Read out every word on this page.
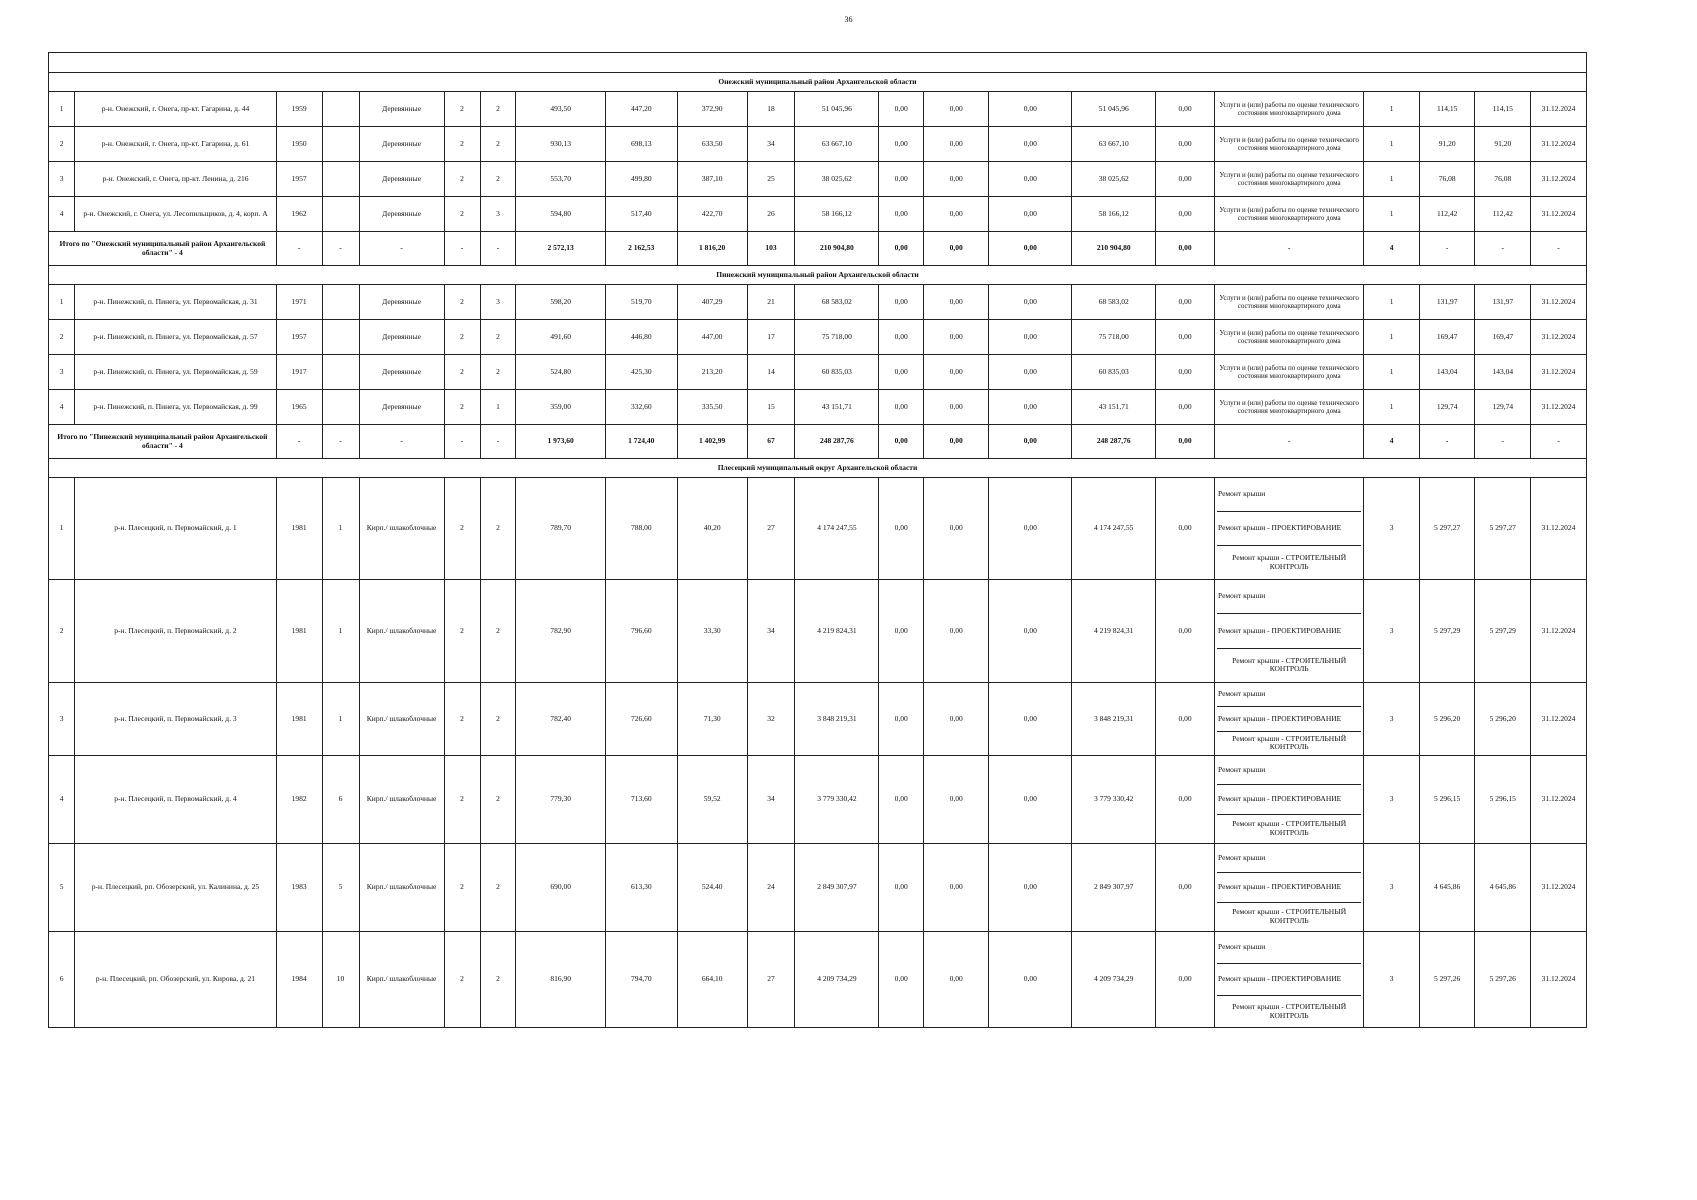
36

Онежский муниципальный район Архангельской области																					
1	р-н. Онежский, г. Онега, пр-кт. Гагарина, д. 44	1959		Деревянные	2	2	493,50	447,20	372,90	18	51 045,96	0,00	0,00	0,00	51 045,96	0,00	Услуги и (или) работы по оценке технического состояния многоквартирного дома	1	114,15	114,15	31.12.2024
2	р-н. Онежский, г. Онега, пр-кт. Гагарина, д. 61	1950		Деревянные	2	2	930,13	698,13	633,50	34	63 667,10	0,00	0,00	0,00	63 667,10	0,00	Услуги и (или) работы по оценке технического состояния многоквартирного дома	1	91,20	91,20	31.12.2024
3	р-н. Онежский, г. Онега, пр-кт. Ленина, д. 216	1957		Деревянные	2	2	553,70	499,80	387,10	25	38 025,62	0,00	0,00	0,00	38 025,62	0,00	Услуги и (или) работы по оценке технического состояния многоквартирного дома	1	76,08	76,08	31.12.2024
4	р-н. Онежский, г. Онега, ул. Лесопильщиков, д. 4, корп. А	1962		Деревянные	2	3	594,80	517,40	422,70	26	58 166,12	0,00	0,00	0,00	58 166,12	0,00	Услуги и (или) работы по оценке технического состояния многоквартирного дома	1	112,42	112,42	31.12.2024
Итого по "Онежский муниципальный район Архангельской области" - 4		-	-	-	-	-	2 572,13	2 162,53	1 816,20	103	210 904,80	0,00	0,00	0,00	210 904,80	0,00	-	4	-	-	-
Пинежский муниципальный район Архангельской области																					
1	р-н. Пинежский, п. Пинега, ул. Первомайская, д. 31	1971		Деревянные	2	3	598,20	519,70	407,29	21	68 583,02	0,00	0,00	0,00	68 583,02	0,00	Услуги и (или) работы по оценке технического состояния многоквартирного дома	1	131,97	131,97	31.12.2024
2	р-н. Пинежский, п. Пинега, ул. Первомайская, д. 57	1957		Деревянные	2	2	491,60	446,80	447,00	17	75 718,00	0,00	0,00	0,00	75 718,00	0,00	Услуги и (или) работы по оценке технического состояния многоквартирного дома	1	169,47	169,47	31.12.2024
3	р-н. Пинежский, п. Пинега, ул. Первомайская, д. 59	1917		Деревянные	2	2	524,80	425,30	213,20	14	60 835,03	0,00	0,00	0,00	60 835,03	0,00	Услуги и (или) работы по оценке технического состояния многоквартирного дома	1	143,04	143,04	31.12.2024
4	р-н. Пинежский, п. Пинега, ул. Первомайская, д. 99	1965		Деревянные	2	1	359,00	332,60	335,50	15	43 151,71	0,00	0,00	0,00	43 151,71	0,00	Услуги и (или) работы по оценке технического состояния многоквартирного дома	1	129,74	129,74	31.12.2024
Итого по "Пинежский муниципальный район Архангельской области" - 4		-	-	-	-	-	1 973,60	1 724,40	1 402,99	67	248 287,76	0,00	0,00	0,00	248 287,76	0,00	-	4	-	-	-
Плесецкий муниципальный округ Архангельской области																					
1	р-н. Плесецкий, п. Первомайский, д. 1	1981	1	Кирп./ шлакоблочные	2	2	789,70	788,00	40,20	27	4 174 247,55	0,00	0,00	0,00	4 174 247,55	0,00	Ремонт крыши
Ремонт крыши - ПРОЕКТИРОВАНИЕ
Ремонт крыши - СТРОИТЕЛЬНЫЙ КОНТРОЛЬ	3	5 297,27	5 297,27	31.12.2024
2	р-н. Плесецкий, п. Первомайский, д. 2	1981	1	Кирп./ шлакоблочные	2	2	782,90	796,60	33,30	34	4 219 824,31	0,00	0,00	0,00	4 219 824,31	0,00	Ремонт крыши
Ремонт крыши - ПРОЕКТИРОВАНИЕ
Ремонт крыши - СТРОИТЕЛЬНЫЙ КОНТРОЛЬ	3	5 297,29	5 297,29	31.12.2024
3	р-н. Плесецкий, п. Первомайский, д. 3	1981	1	Кирп./ шлакоблочные	2	2	782,40	726,60	71,30	32	3 848 219,31	0,00	0,00	0,00	3 848 219,31	0,00	Ремонт крыши
Ремонт крыши - ПРОЕКТИРОВАНИЕ
Ремонт крыши - СТРОИТЕЛЬНЫЙ КОНТРОЛЬ	3	5 296,20	5 296,20	31.12.2024
4	р-н. Плесецкий, п. Первомайский, д. 4	1982	6	Кирп./ шлакоблочные	2	2	779,30	713,60	59,52	34	3 779 330,42	0,00	0,00	0,00	3 779 330,42	0,00	Ремонт крыши
Ремонт крыши - ПРОЕКТИРОВАНИЕ
Ремонт крыши - СТРОИТЕЛЬНЫЙ КОНТРОЛЬ	3	5 296,15	5 296,15	31.12.2024
5	р-н. Плесецкий, рп. Обозерский, ул. Калинина, д. 25	1983	5	Кирп./ шлакоблочные	2	2	690,00	613,30	524,40	24	2 849 307,97	0,00	0,00	0,00	2 849 307,97	0,00	Ремонт крыши
Ремонт крыши - ПРОЕКТИРОВАНИЕ
Ремонт крыши - СТРОИТЕЛЬНЫЙ КОНТРОЛЬ	3	4 645,86	4 645,86	31.12.2024
6	р-н. Плесецкий, рп. Обозерский, ул. Кирова, д. 21	1984	10	Кирп./ шлакоблочные	2	2	816,90	794,70	664,10	27	4 209 734,29	0,00	0,00	0,00	4 209 734,29	0,00	Ремонт крыши
Ремонт крыши - ПРОЕКТИРОВАНИЕ
Ремонт крыши - СТРОИТЕЛЬНЫЙ КОНТРОЛЬ	3	5 297,26	5 297,26	31.12.2024
